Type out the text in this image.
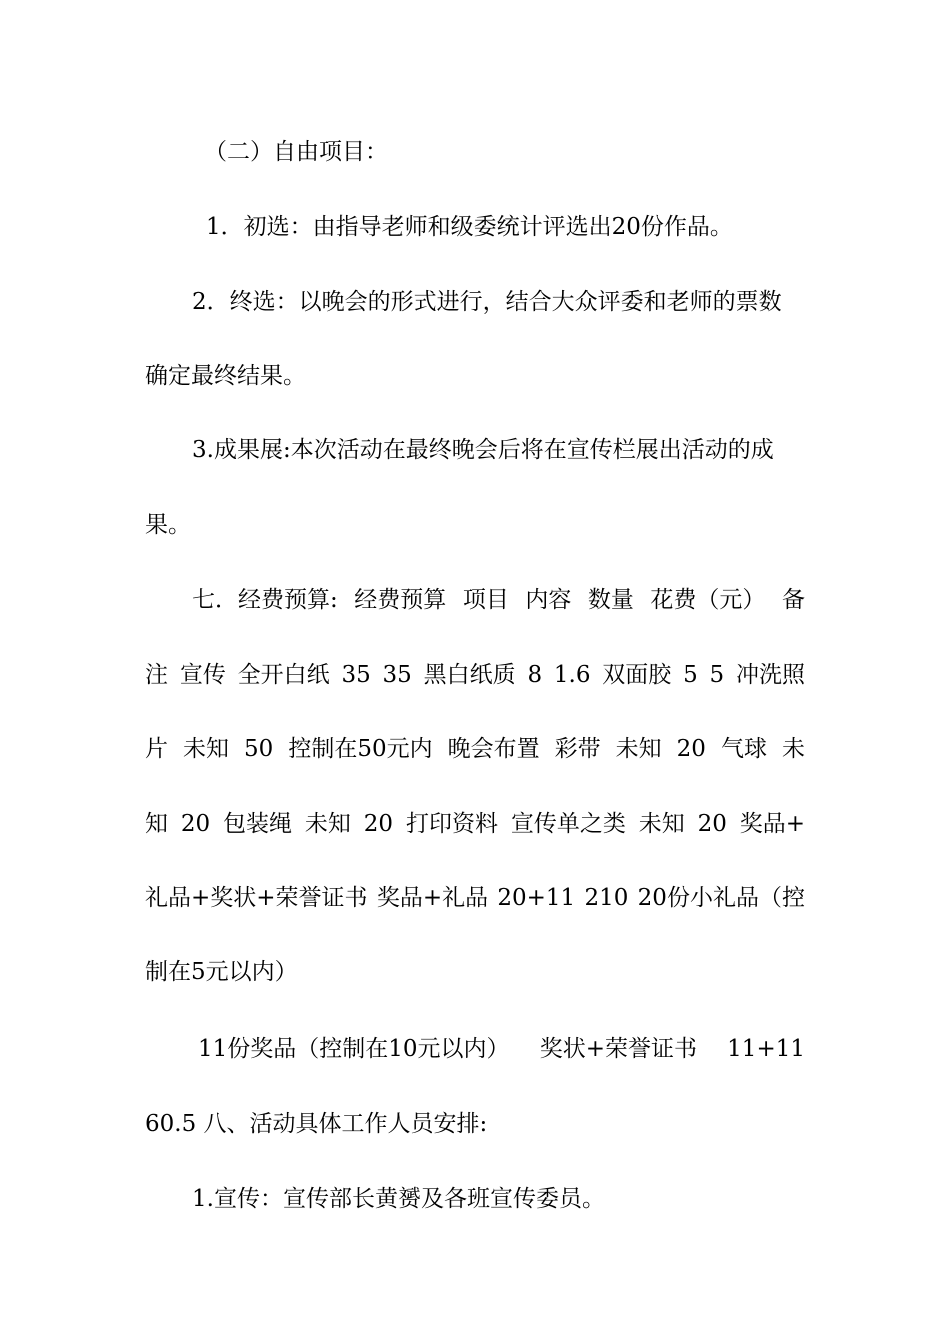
（二）自由项目：
1．初选：由指导老师和级委统计评选出20份作品。
2．终选：以晚会的形式进行，结合大众评委和老师的票数
确定最终结果。
3.成果展:本次活动在最终晚会后将在宣传栏展出活动的成
果。
七．经费预算: 经费预算 项目 内容 数量 花费（元） 备
注 宣传 全开白纸 35 35 黑白纸质 8 1.6 双面胶 5 5 冲洗照
片 未知 50 控制在50元内 晚会布置 彩带 未知 20 气球 未
知 20 包装绳 未知 20 打印资料 宣传单之类 未知 20 奖品+
礼品+奖状+荣誉证书 奖品+礼品 20+11 210 20份小礼品（控
制在5元以内）
11份奖品（控制在10元以内） 奖状+荣誉证书 11+11
60.5 八、活动具体工作人员安排:
1.宣传：宣传部长黄赟及各班宣传委员。
